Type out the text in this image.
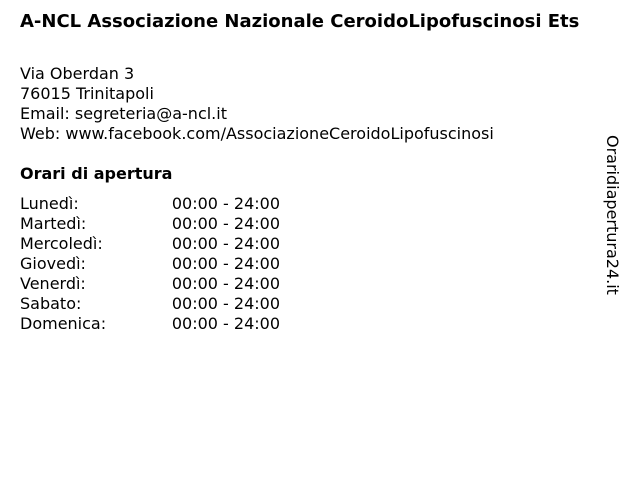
A-NCL Associazione Nazionale CeroidoLipofuscinosi Ets
Via Oberdan 3
76015 Trinitapoli
Email: segreteria@a-ncl.it
Web: www.facebook.com/AssociazioneCeroidoLipofuscinosi
Orari di apertura
Lunedì:	00:00 - 24:00
Martedì:	00:00 - 24:00
Mercoledì:	00:00 - 24:00
Giovedì:	00:00 - 24:00
Venerdì:	00:00 - 24:00
Sabato:	00:00 - 24:00
Domenica:	00:00 - 24:00
Oraridiapertura24.it
